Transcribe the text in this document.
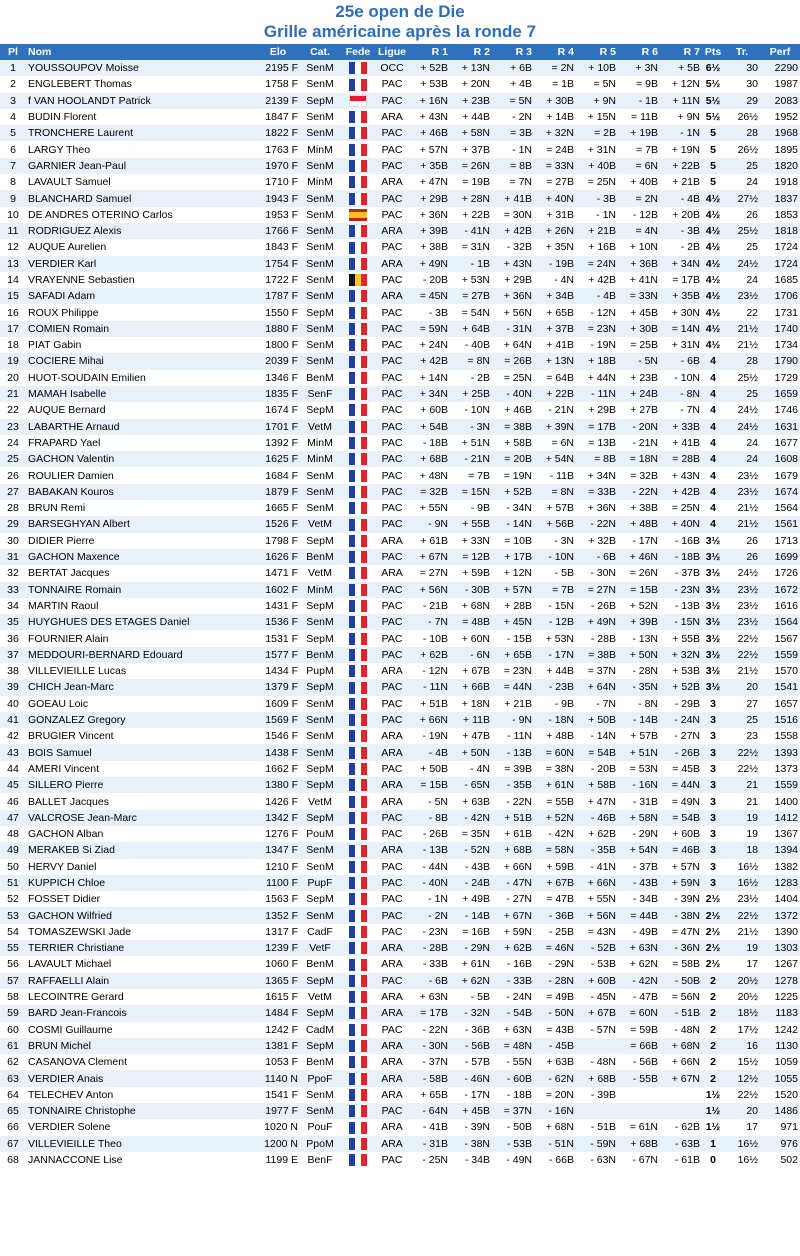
25e open de Die
Grille américaine après la ronde 7
Pl	Nom	Elo	Cat.	Fede	Ligue	R 1	R 2	R 3	R 4	R 5	R 6	R 7	Pts	Tr.	Perf
1	YOUSSOUPOV Moisse	2195 F	SenM		OCC	+ 52B	+ 13N	+ 6B	= 2N	+ 10B	+ 3N	+ 5B	6½	30	2290
2	ENGLEBERT Thomas	1758 F	SenM		PAC	+ 53B	+ 20N	+ 4B	= 1B	= 5N	= 9B	+ 12N	5½	30	1987
3	f VAN HOOLANDT Patrick	2139 F	SepM		PAC	+ 16N	+ 23B	= 5N	+ 30B	+ 9N	- 1B	+ 11N	5½	29	2083
4	BUDIN Florent	1847 F	SenM		ARA	+ 43N	+ 44B	- 2N	+ 14B	+ 15N	= 11B	+ 9N	5½	26½	1952
5	TRONCHERE Laurent	1822 F	SenM		PAC	+ 46B	+ 58N	= 3B	+ 32N	= 2B	+ 19B	- 1N	5	28	1968
6	LARGY Theo	1763 F	MinM		PAC	+ 57N	+ 37B	- 1N	= 24B	+ 31N	= 7B	+ 19N	5	26½	1895
7	GARNIER Jean-Paul	1970 F	SenM		PAC	+ 35B	= 26N	= 8B	= 33N	+ 40B	= 6N	+ 22B	5	25	1820
8	LAVAULT Samuel	1710 F	MinM		ARA	+ 47N	= 19B	= 7N	= 27B	= 25N	+ 40B	+ 21B	5	24	1918
9	BLANCHARD Samuel	1943 F	SenM		PAC	+ 29B	+ 28N	+ 41B	+ 40N	- 3B	= 2N	- 4B	4½	27½	1837
10	DE ANDRES OTERINO Carlos	1953 F	SenM		PAC	+ 36N	+ 22B	= 30N	+ 31B	- 1N	- 12B	+ 20B	4½	26	1853
11	RODRIGUEZ Alexis	1766 F	SenM		ARA	+ 39B	- 41N	+ 42B	+ 26N	+ 21B	= 4N	- 3B	4½	25½	1818
12	AUQUE Aurelien	1843 F	SenM		PAC	+ 38B	= 31N	- 32B	+ 35N	+ 16B	+ 10N	- 2B	4½	25	1724
13	VERDIER Karl	1754 F	SenM		ARA	+ 49N	- 1B	+ 43N	- 19B	= 24N	+ 36B	+ 34N	4½	24½	1724
14	VRAYENNE Sebastien	1722 F	SenM		PAC	- 20B	+ 53N	+ 29B	- 4N	+ 42B	+ 41N	= 17B	4½	24	1685
15	SAFADI Adam	1787 F	SenM		ARA	= 45N	= 27B	+ 36N	+ 34B	- 4B	= 33N	+ 35B	4½	23½	1706
16	ROUX Philippe	1550 F	SepM		PAC	- 3B	= 54N	+ 56N	+ 65B	- 12N	+ 45B	+ 30N	4½	22	1731
17	COMIEN Romain	1880 F	SenM		PAC	= 59N	+ 64B	- 31N	+ 37B	= 23N	+ 30B	= 14N	4½	21½	1740
18	PIAT Gabin	1800 F	SenM		PAC	+ 24N	- 40B	+ 64N	+ 41B	- 19N	= 25B	+ 31N	4½	21½	1734
19	COCIERE Mihai	2039 F	SenM		PAC	+ 42B	= 8N	= 26B	+ 13N	+ 18B	- 5N	- 6B	4	28	1790
20	HUOT-SOUDAIN Emilien	1346 F	BenM		PAC	+ 14N	- 2B	= 25N	= 64B	+ 44N	+ 23B	- 10N	4	25½	1729
21	MAMAH Isabelle	1835 F	SenF		PAC	+ 34N	+ 25B	- 40N	+ 22B	- 11N	+ 24B	- 8N	4	25	1659
22	AUQUE Bernard	1674 F	SepM		PAC	+ 60B	- 10N	+ 46B	- 21N	+ 29B	+ 27B	- 7N	4	24½	1746
23	LABARTHE Arnaud	1701 F	VetM		PAC	+ 54B	- 3N	= 38B	+ 39N	= 17B	- 20N	+ 33B	4	24½	1631
24	FRAPARD Yael	1392 F	MinM		PAC	- 18B	+ 51N	+ 58B	= 6N	= 13B	- 21N	+ 41B	4	24	1677
25	GACHON Valentin	1625 F	MinM		PAC	+ 68B	- 21N	= 20B	+ 54N	= 8B	= 18N	= 28B	4	24	1608
26	ROULIER Damien	1684 F	SenM		PAC	+ 48N	= 7B	= 19N	- 11B	+ 34N	= 32B	+ 43N	4	23½	1679
27	BABAKAN Kouros	1879 F	SenM		PAC	= 32B	= 15N	+ 52B	= 8N	= 33B	- 22N	+ 42B	4	23½	1674
28	BRUN Remi	1665 F	SenM		PAC	+ 55N	- 9B	- 34N	+ 57B	+ 36N	+ 38B	= 25N	4	21½	1564
29	BARSEGHYAN Albert	1526 F	VetM		PAC	- 9N	+ 55B	- 14N	+ 56B	- 22N	+ 48B	+ 40N	4	21½	1561
30	DIDIER Pierre	1798 F	SepM		ARA	+ 61B	+ 33N	= 10B	- 3N	+ 32B	- 17N	- 16B	3½	26	1713
31	GACHON Maxence	1626 F	BenM		PAC	+ 67N	= 12B	+ 17B	- 10N	- 6B	+ 46N	- 18B	3½	26	1699
32	BERTAT Jacques	1471 F	VetM		ARA	= 27N	+ 59B	+ 12N	- 5B	- 30N	= 26N	- 37B	3½	24½	1726
33	TONNAIRE Romain	1602 F	MinM		PAC	+ 56N	- 30B	+ 57N	= 7B	= 27N	= 15B	- 23N	3½	23½	1672
34	MARTIN Raoul	1431 F	SepM		PAC	- 21B	+ 68N	+ 28B	- 15N	- 26B	+ 52N	- 13B	3½	23½	1616
35	HUYGHUES DES ETAGES Daniel	1536 F	SenM		PAC	- 7N	= 48B	+ 45N	- 12B	+ 49N	+ 39B	- 15N	3½	23½	1564
36	FOURNIER Alain	1531 F	SepM		PAC	- 10B	+ 60N	- 15B	+ 53N	- 28B	- 13N	+ 55B	3½	22½	1567
37	MEDDOURI-BERNARD Edouard	1577 F	BenM		PAC	+ 62B	- 6N	+ 65B	- 17N	= 38B	+ 50N	+ 32N	3½	22½	1559
38	VILLEVIEILLE Lucas	1434 F	PupM		ARA	- 12N	+ 67B	= 23N	+ 44B	= 37N	- 28N	+ 53B	3½	21½	1570
39	CHICH Jean-Marc	1379 F	SepM		PAC	- 11N	+ 66B	= 44N	- 23B	+ 64N	- 35N	+ 52B	3½	20	1541
40	GOEAU Loic	1609 F	SenM		PAC	+ 51B	+ 18N	+ 21B	- 9B	- 7N	- 8N	- 29B	3	27	1657
41	GONZALEZ Gregory	1569 F	SenM		PAC	+ 66N	+ 11B	- 9N	- 18N	+ 50B	- 14B	- 24N	3	25	1516
42	BRUGIER Vincent	1546 F	SenM		ARA	- 19N	+ 47B	- 11N	+ 48B	- 14N	+ 57B	- 27N	3	23	1558
43	BOIS Samuel	1438 F	SenM		ARA	- 4B	+ 50N	- 13B	= 60N	= 54B	+ 51N	- 26B	3	22½	1393
44	AMERI Vincent	1662 F	SepM		PAC	+ 50B	- 4N	= 39B	= 38N	- 20B	= 53N	= 45B	3	22½	1373
45	SILLERO Pierre	1380 F	SepM		ARA	= 15B	- 65N	- 35B	+ 61N	+ 58B	- 16N	= 44N	3	21	1559
46	BALLET Jacques	1426 F	VetM		ARA	- 5N	+ 63B	- 22N	= 55B	+ 47N	- 31B	= 49N	3	21	1400
47	VALCROSE Jean-Marc	1342 F	SepM		PAC	- 8B	- 42N	+ 51B	+ 52N	- 46B	+ 58N	= 54B	3	19	1412
48	GACHON Alban	1276 F	PouM		PAC	- 26B	= 35N	+ 61B	- 42N	+ 62B	- 29N	+ 60B	3	19	1367
49	MERAKEB Si Ziad	1347 F	SenM		ARA	- 13B	- 52N	+ 68B	= 58N	- 35B	+ 54N	= 46B	3	18	1394
50	HERVY Daniel	1210 F	SenM		PAC	- 44N	- 43B	+ 66N	+ 59B	- 41N	- 37B	+ 57N	3	16½	1382
51	KUPPICH Chloe	1100 F	PupF		PAC	- 40N	- 24B	- 47N	+ 67B	+ 66N	- 43B	+ 59N	3	16½	1283
52	FOSSET Didier	1563 F	SepM		PAC	- 1N	+ 49B	- 27N	= 47B	+ 55N	- 34B	- 39N	2½	23½	1404
53	GACHON Wilfried	1352 F	SenM		PAC	- 2N	- 14B	+ 67N	- 36B	+ 56N	= 44B	- 38N	2½	22½	1372
54	TOMASZEWSKI Jade	1317 F	CadF		PAC	- 23N	= 16B	+ 59N	- 25B	= 43N	- 49B	= 47N	2½	21½	1390
55	TERRIER Christiane	1239 F	VetF		ARA	- 28B	- 29N	+ 62B	= 46N	- 52B	+ 63N	- 36N	2½	19	1303
56	LAVAULT Michael	1060 F	BenM		ARA	- 33B	+ 61N	- 16B	- 29N	- 53B	+ 62N	= 58B	2½	17	1267
57	RAFFAELLI Alain	1365 F	SepM		PAC	- 6B	+ 62N	- 33B	- 28N	+ 60B	- 42N	- 50B	2	20½	1278
58	LECOINTRE Gerard	1615 F	VetM		ARA	+ 63N	- 5B	- 24N	= 49B	- 45N	- 47B	= 56N	2	20½	1225
59	BARD Jean-Francois	1484 F	SepM		ARA	= 17B	- 32N	- 54B	- 50N	+ 67B	= 60N	- 51B	2	18½	1183
60	COSMI Guillaume	1242 F	CadM		PAC	- 22N	- 36B	+ 63N	= 43B	- 57N	= 59B	- 48N	2	17½	1242
61	BRUN Michel	1381 F	SepM		ARA	- 30N	- 56B	= 48N	- 45B		= 66B	+ 68N	2	16	1130
62	CASANOVA Clement	1053 F	BenM		ARA	- 37N	- 57B	- 55N	+ 63B	- 48N	- 56B	+ 66N	2	15½	1059
63	VERDIER Anais	1140 N	PpoF		ARA	- 58B	- 46N	- 60B	- 62N	+ 68B	- 55B	+ 67N	2	12½	1055
64	TELECHEV Anton	1541 F	SenM		ARA	+ 65B	- 17N	- 18B	= 20N	- 39B			1½	22½	1520
65	TONNAIRE Christophe	1977 F	SenM		PAC	- 64N	+ 45B	= 37N	- 16N				1½	20	1486
66	VERDIER Solene	1020 N	PouF		ARA	- 41B	- 39N	- 50B	+ 68N	- 51B	= 61N	- 62B	1½	17	971
67	VILLEVIEILLE Theo	1200 N	PpoM		ARA	- 31B	- 38N	- 53B	- 51N	- 59N	+ 68B	- 63B	1	16½	976
68	JANNACCONE Lise	1199 E	BenF		PAC	- 25N	- 34B	- 49N	- 66B	- 63N	- 67N	- 61B	0	16½	502
